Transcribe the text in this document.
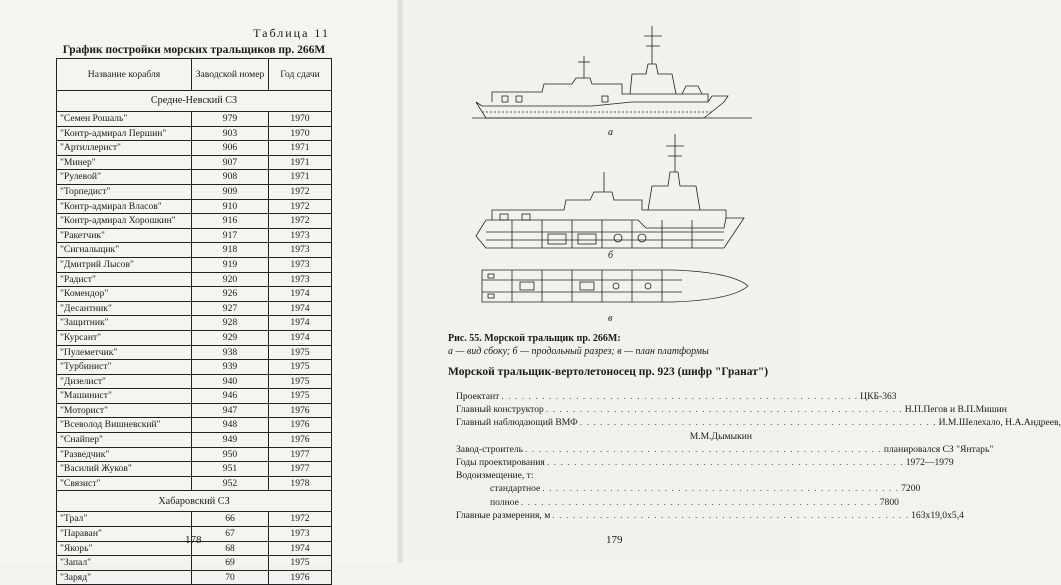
Таблица 11
График постройки морских тральщиков пр. 266М
Название корабля	Заводской номер	Год сдачи
Средне-Невский СЗ		
"Семен Рошаль"	979	1970
"Контр-адмирал Першин"	903	1970
"Артиллерист"	906	1971
"Минер"	907	1971
"Рулевой"	908	1971
"Торпедист"	909	1972
"Контр-адмирал Власов"	910	1972
"Контр-адмирал Хорошкин"	916	1972
"Ракетчик"	917	1973
"Сигнальщик"	918	1973
"Дмитрий Лысов"	919	1973
"Радист"	920	1973
"Комендор"	926	1974
"Десантник"	927	1974
"Защитник"	928	1974
"Курсант"	929	1974
"Пулеметчик"	938	1975
"Турбинист"	939	1975
"Дизелист"	940	1975
"Машинист"	946	1975
"Моторист"	947	1976
"Всеволод Вишневский"	948	1976
"Снайпер"	949	1976
"Разведчик"	950	1977
"Василий Жуков"	951	1977
"Связист"	952	1978
Хабаровский СЗ		
"Трал"	66	1972
"Параван"	67	1973
"Якорь"	68	1974
"Запал"	69	1975
"Заряд"	70	1976
178
а
б
в
Рис. 55. Морской тральщик пр. 266М:
а — вид сбоку; б — продольный разрез; в — план платформы
Морской тральщик-вертолетоносец пр. 923 (шифр "Гранат")
Проектант . . . . . . . . . . . . . . . . . . . . . . . . . . . . . . . . . . . . . . . . . . . . . . . . . . . . . ЦКБ-363
Главный конструктор . . . . . . . . . . . . . . . . . . . . . . . . . . . . . . . . . . . . . . . . . . . . . . . . . . . . . Н.П.Пегов и В.П.Мишин
Главный наблюдающий ВМФ . . . . . . . . . . . . . . . . . . . . . . . . . . . . . . . . . . . . . . . . . . . . . . . . . . . . . И.М.Шелехало, Н.А.Андреев,
М.М.Дымыкин
Завод-строитель . . . . . . . . . . . . . . . . . . . . . . . . . . . . . . . . . . . . . . . . . . . . . . . . . . . . . планировался СЗ "Янтарь"
Годы проектирования . . . . . . . . . . . . . . . . . . . . . . . . . . . . . . . . . . . . . . . . . . . . . . . . . . . . . 1972—1979
Водоизмещение, т:
стандартное . . . . . . . . . . . . . . . . . . . . . . . . . . . . . . . . . . . . . . . . . . . . . . . . . . . . . 7200
полное . . . . . . . . . . . . . . . . . . . . . . . . . . . . . . . . . . . . . . . . . . . . . . . . . . . . . 7800
Главные размерения, м . . . . . . . . . . . . . . . . . . . . . . . . . . . . . . . . . . . . . . . . . . . . . . . . . . . . . 163х19,0х5,4
179
